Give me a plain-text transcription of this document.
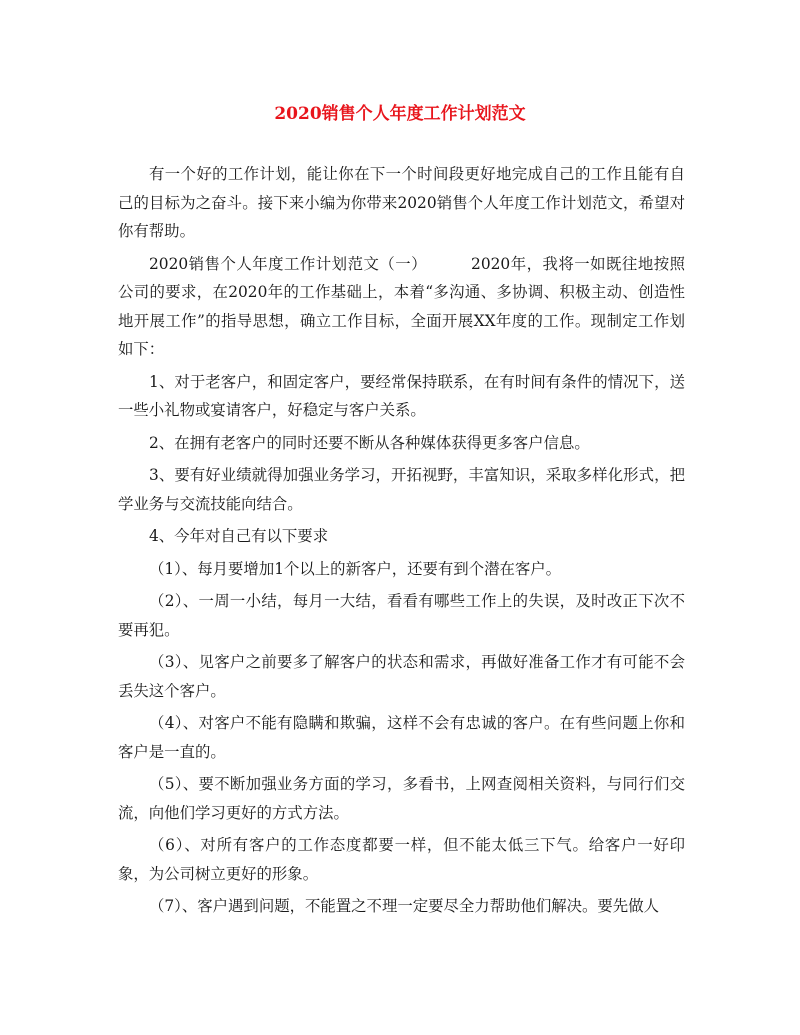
2020销售个人年度工作计划范文

有一个好的工作计划，能让你在下一个时间段更好地完成自己的工作且能有自己的目标为之奋斗。接下来小编为你带来2020销售个人年度工作计划范文，希望对你有帮助。

2020销售个人年度工作计划范文（一）	2020年，我将一如既往地按照公司的要求，在2020年的工作基础上，本着“多沟通、多协调、积极主动、创造性地开展工作”的指导思想，确立工作目标，全面开展XX年度的工作。现制定工作划如下：

1、对于老客户，和固定客户，要经常保持联系，在有时间有条件的情况下，送一些小礼物或宴请客户，好稳定与客户关系。

2、在拥有老客户的同时还要不断从各种媒体获得更多客户信息。

3、要有好业绩就得加强业务学习，开拓视野，丰富知识，采取多样化形式，把学业务与交流技能向结合。

4、今年对自己有以下要求

（1）、每月要增加1个以上的新客户，还要有到个潜在客户。

（2）、一周一小结，每月一大结，看看有哪些工作上的失误，及时改正下次不要再犯。

（3）、见客户之前要多了解客户的状态和需求，再做好准备工作才有可能不会丢失这个客户。

（4）、对客户不能有隐瞒和欺骗，这样不会有忠诚的客户。在有些问题上你和客户是一直的。

（5）、要不断加强业务方面的学习，多看书，上网查阅相关资料，与同行们交流，向他们学习更好的方式方法。

（6）、对所有客户的工作态度都要一样，但不能太低三下气。给客户一好印象，为公司树立更好的形象。

（7）、客户遇到问题，不能置之不理一定要尽全力帮助他们解决。要先做人
